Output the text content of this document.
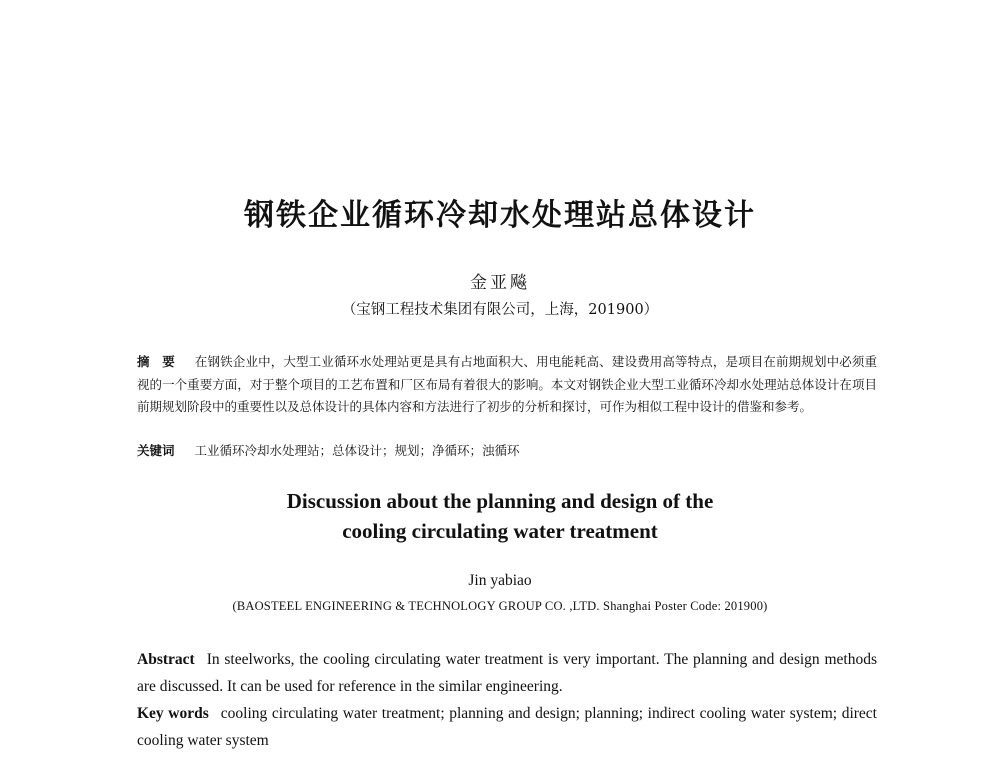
钢铁企业循环冷却水处理站总体设计
金亚飚
（宝钢工程技术集团有限公司，上海，201900）

摘　要 在钢铁企业中，大型工业循环水处理站更是具有占地面积大、用电能耗高、建设费用高等特点，是项目在前期规划中必须重视的一个重要方面，对于整个项目的工艺布置和厂区布局有着很大的影响。本文对钢铁企业大型工业循环冷却水处理站总体设计在项目前期规划阶段中的重要性以及总体设计的具体内容和方法进行了初步的分析和探讨，可作为相似工程中设计的借鉴和参考。

关键词 工业循环冷却水处理站；总体设计；规划；净循环；浊循环

Discussion about the planning and design of the
cooling circulating water treatment
Jin yabiao
(BAOSTEEL ENGINEERING & TECHNOLOGY GROUP CO. ,LTD. Shanghai Poster Code: 201900)

Abstract In steelworks, the cooling circulating water treatment is very important. The planning and design methods are discussed. It can be used for reference in the similar engineering.

Key words cooling circulating water treatment; planning and design; planning; indirect cooling water system; direct cooling water system
